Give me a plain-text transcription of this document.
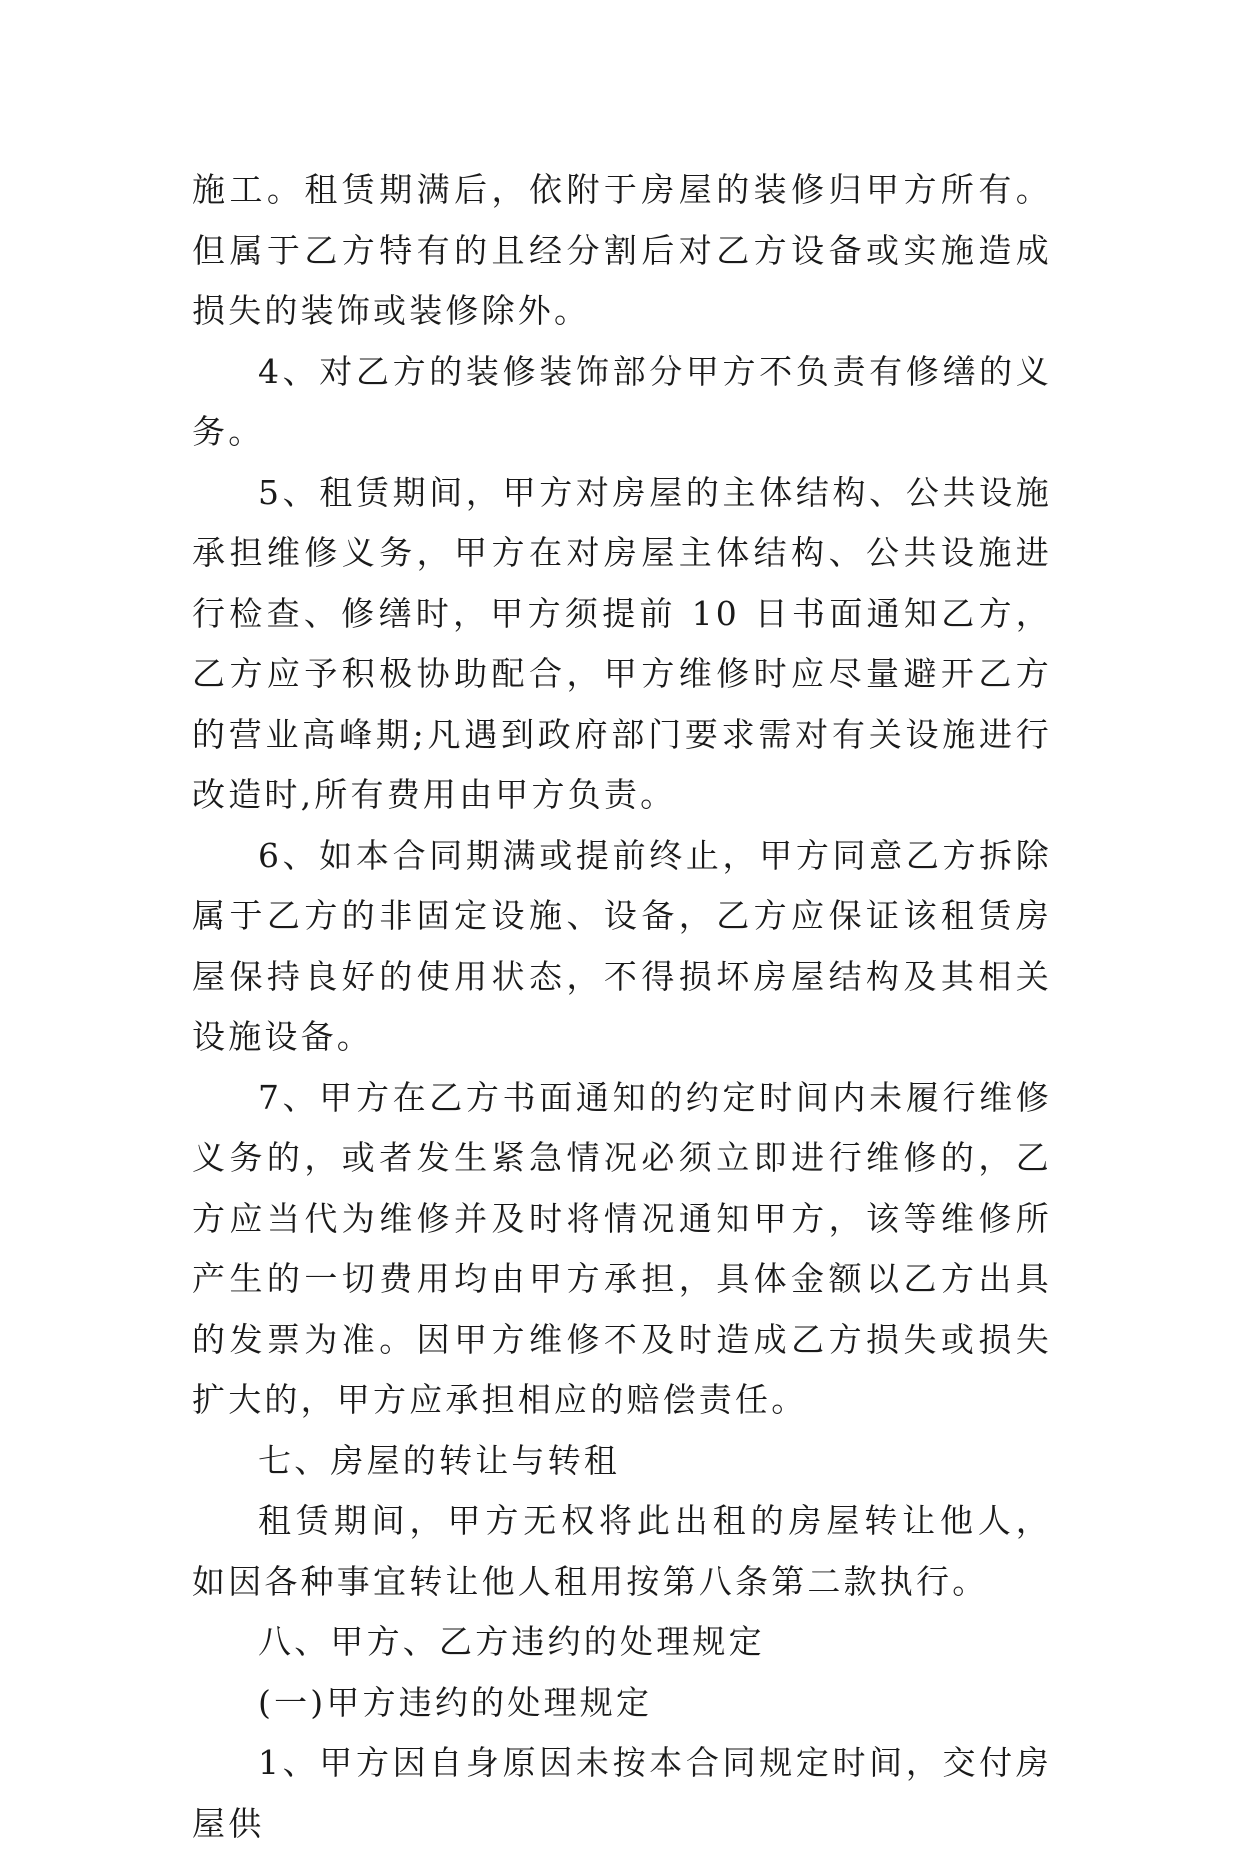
施工。租赁期满后，依附于房屋的装修归甲方所有。但属于乙方特有的且经分割后对乙方设备或实施造成损失的装饰或装修除外。

4、对乙方的装修装饰部分甲方不负责有修缮的义务。

5、租赁期间，甲方对房屋的主体结构、公共设施承担维修义务，甲方在对房屋主体结构、公共设施进行检查、修缮时，甲方须提前 10 日书面通知乙方，乙方应予积极协助配合，甲方维修时应尽量避开乙方的营业高峰期;凡遇到政府部门要求需对有关设施进行改造时,所有费用由甲方负责。

6、如本合同期满或提前终止，甲方同意乙方拆除属于乙方的非固定设施、设备，乙方应保证该租赁房屋保持良好的使用状态，不得损坏房屋结构及其相关设施设备。

7、甲方在乙方书面通知的约定时间内未履行维修义务的，或者发生紧急情况必须立即进行维修的，乙方应当代为维修并及时将情况通知甲方，该等维修所产生的一切费用均由甲方承担，具体金额以乙方出具的发票为准。因甲方维修不及时造成乙方损失或损失扩大的，甲方应承担相应的赔偿责任。

七、房屋的转让与转租

租赁期间，甲方无权将此出租的房屋转让他人，如因各种事宜转让他人租用按第八条第二款执行。

八、甲方、乙方违约的处理规定

(一)甲方违约的处理规定

1、甲方因自身原因未按本合同规定时间，交付房屋供
